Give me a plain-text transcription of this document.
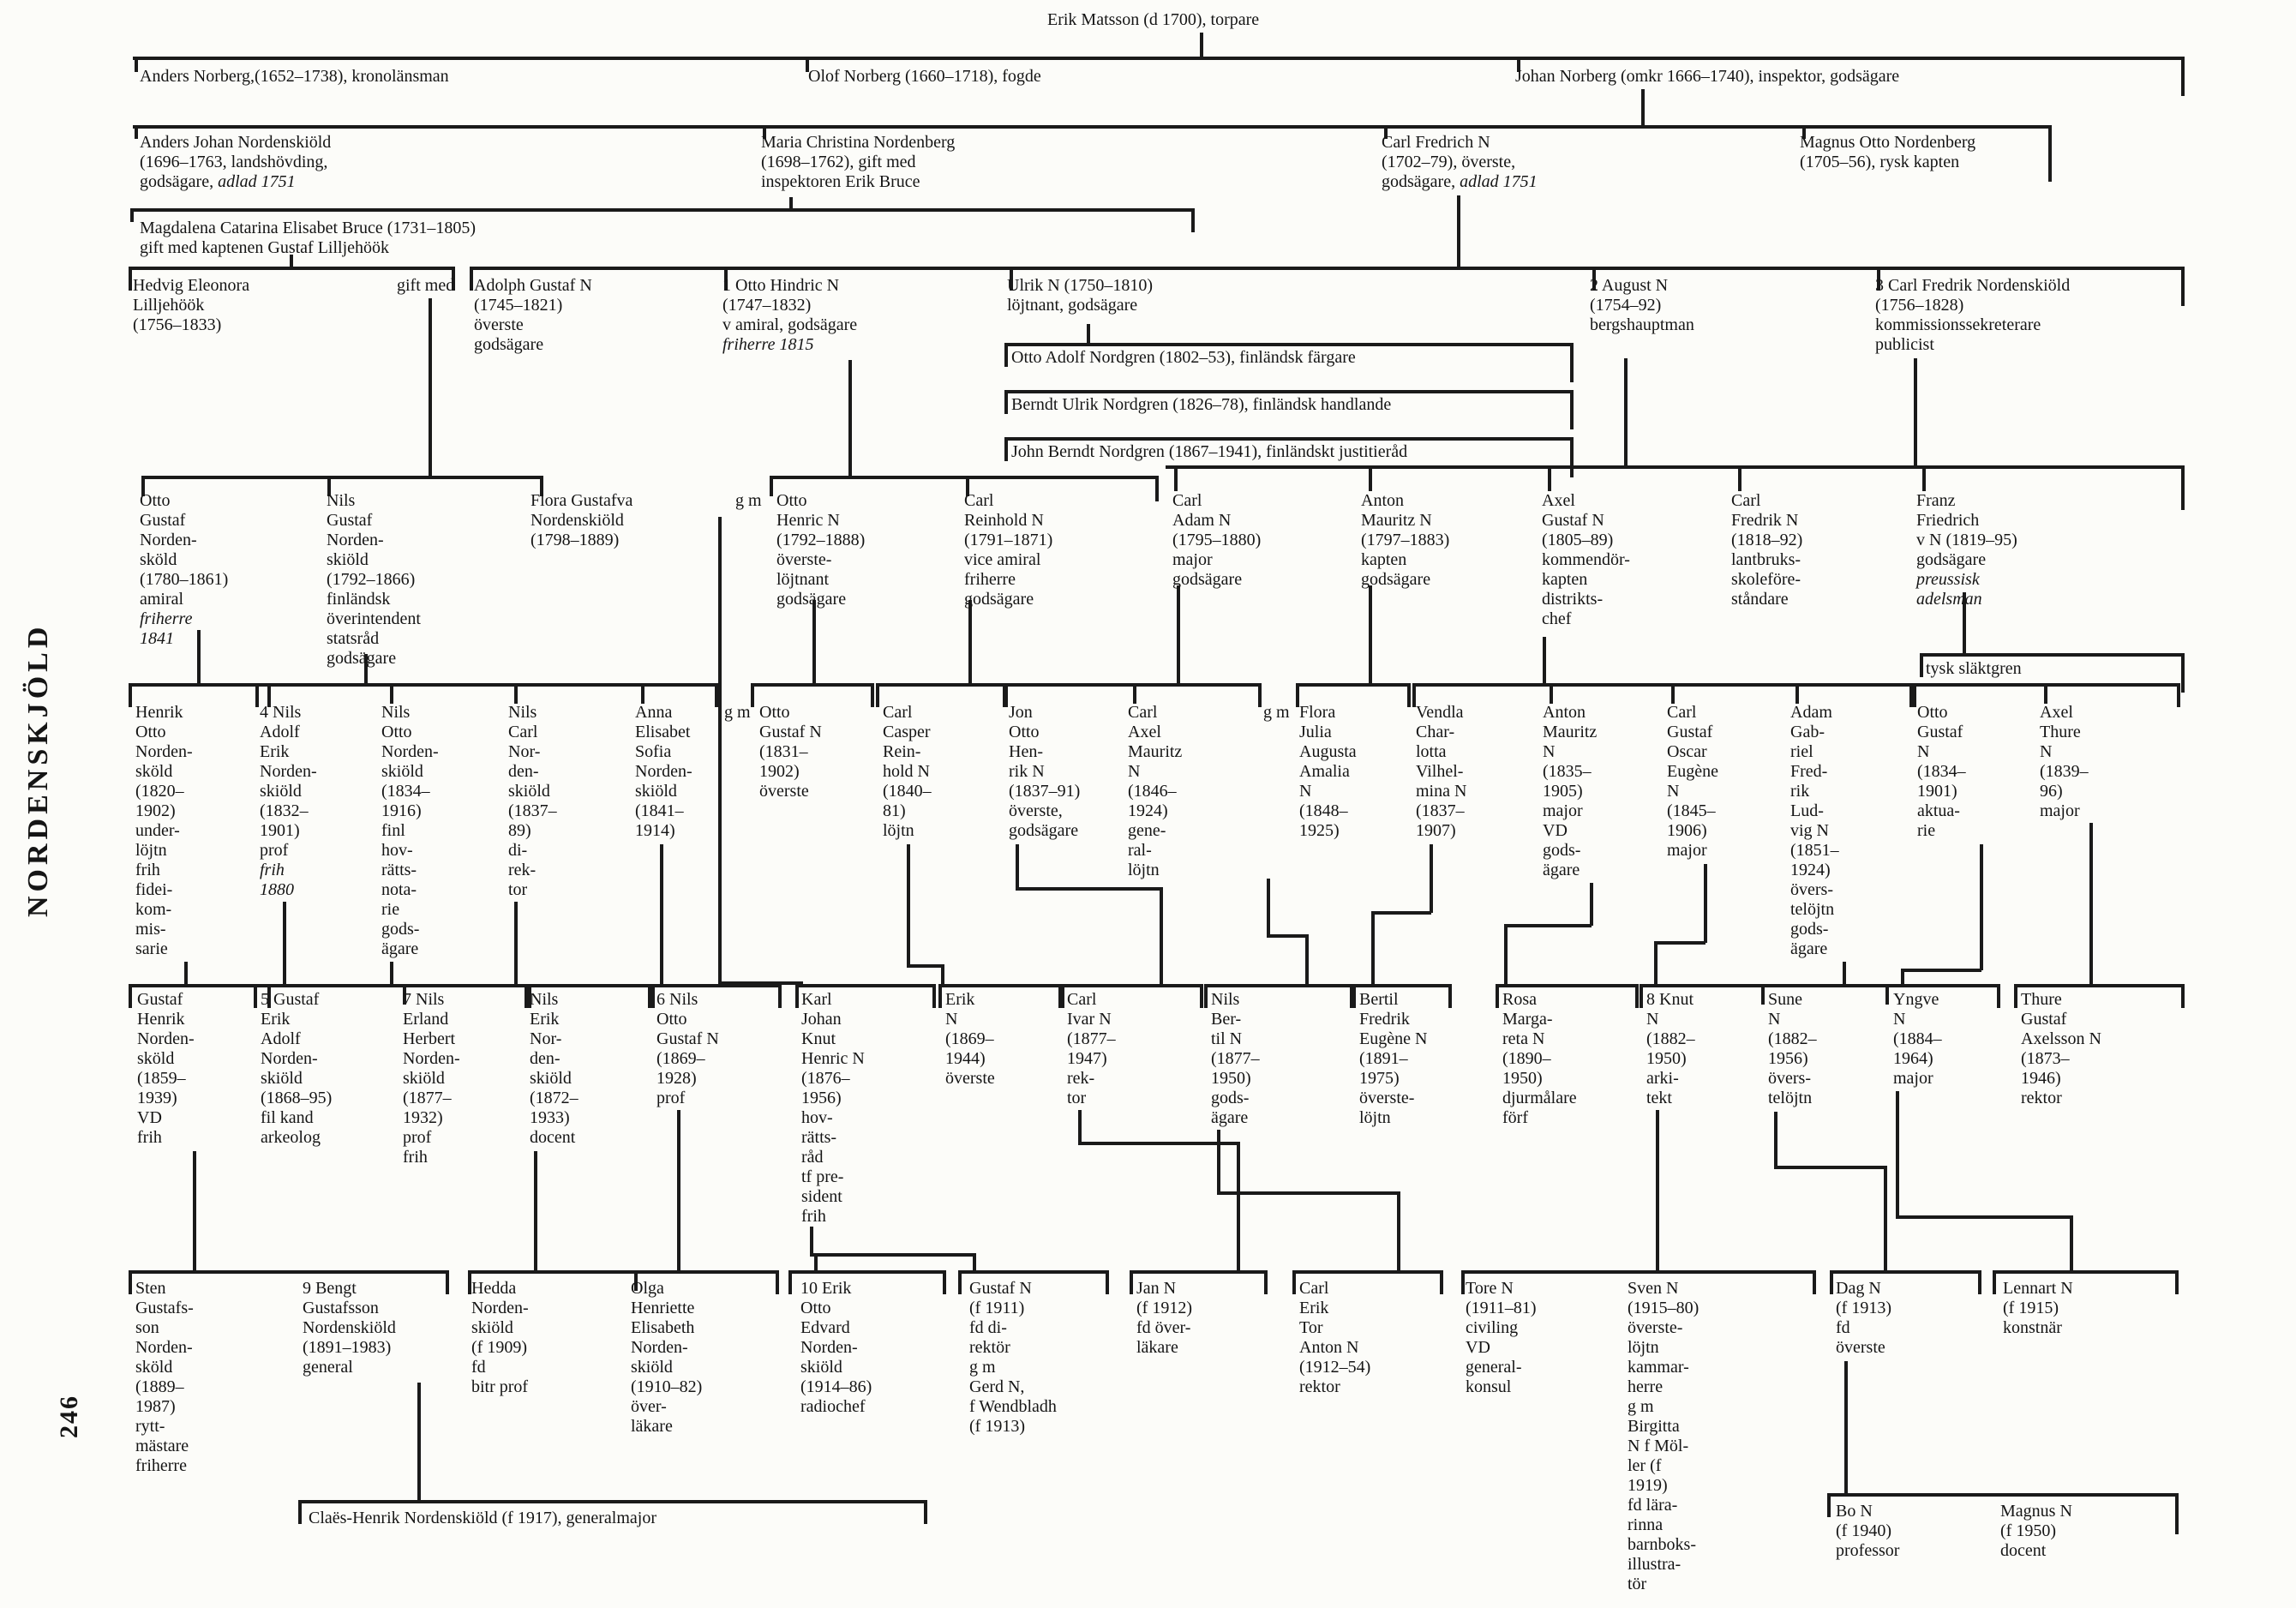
NORDENSKJÖLD
246
Erik Matsson (d 1700), torpare
Anders Norberg,(1652–1738), kronolänsman	Olof Norberg (1660–1718), fogde	Johan Norberg (omkr 1666–1740), inspektor, godsägare
Anders Johan Nordenskiöld
(1696–1763, landshövding,
godsägare, adlad 1751
Maria Christina Nordenberg
(1698–1762), gift med
inspektoren Erik Bruce
Carl Fredrich N
(1702–79), överste,
godsägare, adlad 1751
Magnus Otto Nordenberg
(1705–56), rysk kapten
Magdalena Catarina Elisabet Bruce (1731–1805)
gift med kaptenen Gustaf Lilljehöök
Hedvig Eleonora
Lilljehöök
(1756–1833)
gift med Adolph Gustaf N
(1745–1821)
överste
godsägare
1 Otto Hindric N
(1747–1832)
v amiral, godsägare
friherre 1815
Ulrik N (1750–1810)
löjtnant, godsägare
2 August N
(1754–92)
bergshauptman
3 Carl Fredrik Nordenskiöld
(1756–1828)
kommissionssekreterare
publicist
Otto Adolf Nordgren (1802–53), finländsk färgare
Berndt Ulrik Nordgren (1826–78), finländsk handlande
John Berndt Nordgren (1867–1941), finländskt justitieråd
Otto
Gustaf
Norden-
sköld
(1780–1861)
amiral
friherre
1841
Nils
Gustaf
Norden-
skiöld
(1792–1866)
finländsk
överintendent
statsråd
godsägare
Flora Gustafva
Nordenskiöld
(1798–1889)
g m Otto
Henric N
(1792–1888)
överste-
löjtnant
godsägare
Carl
Reinhold N
(1791–1871)
vice amiral
friherre
godsägare
Carl
Adam N
(1795–1880)
major
godsägare
Anton
Mauritz N
(1797–1883)
kapten
godsägare
Axel
Gustaf N
(1805–89)
kommendör-
kapten
distrikts-
chef
Carl
Fredrik N
(1818–92)
lantbruks-
skoleföre-
ståndare
Franz
Friedrich
v N (1819–95)
godsägare
preussisk
adelsman
tysk släktgren
Henrik
Otto
Norden-
sköld
(1820–
1902)
under-
löjtn
frih
fidei-
kom-
mis-
sarie
4 Nils
Adolf
Erik
Norden-
skiöld
(1832–
1901)
prof
frih
1880
Nils
Otto
Norden-
skiöld
(1834–
1916)
finl
hov-
rätts-
nota-
rie
gods-
ägare
Nils
Carl
Nor-
den-
skiöld
(1837–
89)
di-
rek-
tor
Anna
Elisabet
Sofia
Norden-
skiöld
(1841–
1914)
g m Otto
Gustaf N
(1831–
1902)
överste
Carl
Casper
Rein-
hold N
(1840–
81)
löjtn
Jon
Otto
Hen-
rik N
(1837–91)
överste,
godsägare
Carl
Axel
Mauritz
N
(1846–
1924)
gene-
ral-
löjtn
g m Flora
Julia
Augusta
Amalia
N
(1848–
1925)
Vendla
Char-
lotta
Vilhel-
mina N
(1837–
1907)
Anton
Mauritz
N
(1835–
1905)
major
VD
gods-
ägare
Carl
Gustaf
Oscar
Eugène
N
(1845–
1906)
major
Adam
Gab-
riel
Fred-
rik
Lud-
vig N
(1851–
1924)
övers-
telöjtn
gods-
ägare
Otto
Gustaf
N
(1834–
1901)
aktua-
rie
Axel
Thure
N
(1839–
96)
major
Gustaf
Henrik
Norden-
sköld
(1859–
1939)
VD
frih
5 Gustaf
Erik
Adolf
Norden-
skiöld
(1868–95)
fil kand
arkeolog
7 Nils
Erland
Herbert
Norden-
skiöld
(1877–
1932)
prof
frih
Nils
Erik
Nor-
den-
skiöld
(1872–
1933)
docent
6 Nils
Otto
Gustaf N
(1869–
1928)
prof
Karl
Johan
Knut
Henric N
(1876–
1956)
hov-
rätts-
råd
tf pre-
sident
frih
Erik
N
(1869–
1944)
överste
Carl
Ivar N
(1877–
1947)
rek-
tor
Nils
Ber-
til N
(1877–
1950)
gods-
ägare
Bertil
Fredrik
Eugène N
(1891–
1975)
överste-
löjtn
Rosa
Marga-
reta N
(1890–
1950)
djurmålare
förf
8 Knut
N
(1882–
1950)
arki-
tekt
Sune
N
(1882–
1956)
övers-
telöjtn
Yngve
N
(1884–
1964)
major
Thure
Gustaf
Axelsson N
(1873–
1946)
rektor
Sten
Gustafs-
son
Norden-
sköld
(1889–
1987)
rytt-
mästare
friherre
9 Bengt
Gustafsson
Nordenskiöld
(1891–1983)
general
Hedda
Norden-
skiöld
(f 1909)
fd
bitr prof
Olga
Henriette
Elisabeth
Norden-
skiöld
(1910–82)
över-
läkare
10 Erik
Otto
Edvard
Norden-
skiöld
(1914–86)
radiochef
Gustaf N
(f 1911)
fd di-
rektör
g m
Gerd N,
f Wendbladh
(f 1913)
Jan N
(f 1912)
fd över-
läkare
Carl
Erik
Tor
Anton N
(1912–54)
rektor
Tore N
(1911–81)
civiling
VD
general-
konsul
Sven N
(1915–80)
överste-
löjtn
kammar-
herre
g m
Birgitta
N f Möl-
ler (f
1919)
fd lära-
rinna
barnboks-
illustra-
tör
Dag N
(f 1913)
fd
överste
Lennart N
(f 1915)
konstnär
Claës-Henrik Nordenskiöld (f 1917), generalmajor	Bo N
(f 1940)
professor
Magnus N
(f 1950)
docent
